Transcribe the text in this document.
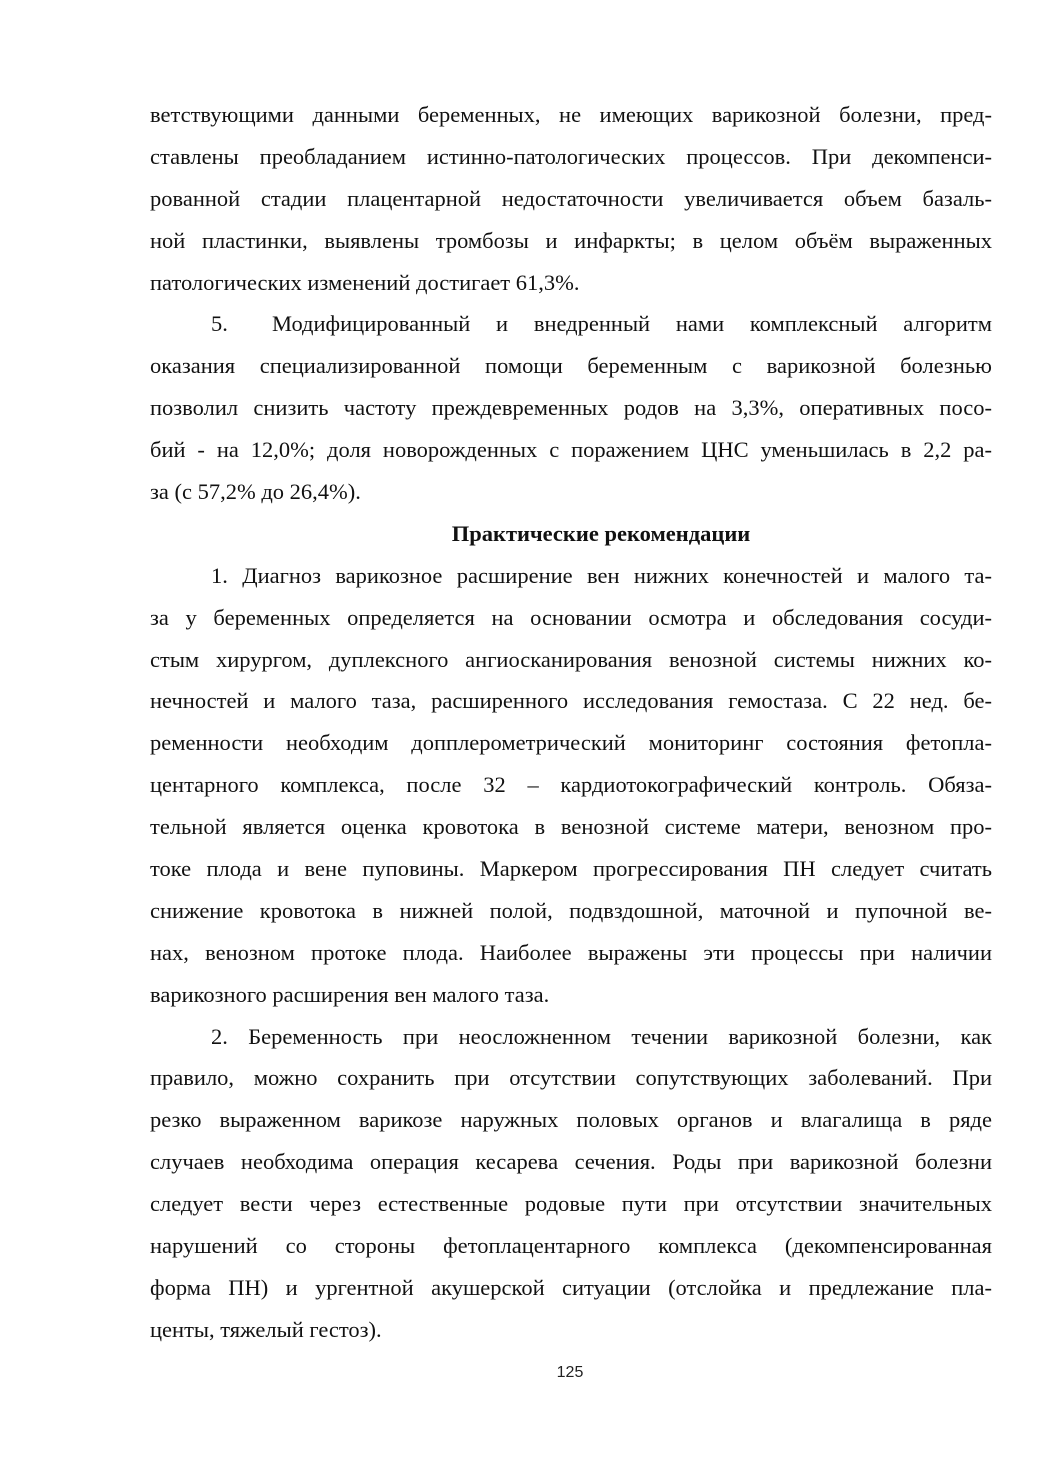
ветствующими данными беременных, не имеющих варикозной болезни, пред-
ставлены преобладанием истинно-патологических процессов. При декомпенси-
рованной стадии плацентарной недостаточности увеличивается объем базаль-
ной пластинки, выявлены тромбозы и инфаркты; в целом объём выраженных
патологических изменений достигает 61,3%.
5. Модифицированный и внедренный нами комплексный алгоритм
оказания специализированной помощи беременным с варикозной болезнью
позволил снизить частоту преждевременных родов на 3,3%, оперативных посо-
бий - на 12,0%; доля новорожденных с поражением ЦНС уменьшилась в 2,2 ра-
за (с 57,2% до 26,4%).
Практические рекомендации
1. Диагноз варикозное расширение вен нижних конечностей и малого та-
за у беременных определяется на основании осмотра и обследования сосуди-
стым хирургом, дуплексного ангиосканирования венозной системы нижних ко-
нечностей и малого таза, расширенного исследования гемостаза. С 22 нед. бе-
ременности необходим допплерометрический мониторинг состояния фетопла-
центарного комплекса, после 32 – кардиотокографический контроль. Обяза-
тельной является оценка кровотока в венозной системе матери, венозном про-
токе плода и вене пуповины. Маркером прогрессирования ПН следует считать
снижение кровотока в нижней полой, подвздошной, маточной и пупочной ве-
нах, венозном протоке плода. Наиболее выражены эти процессы при наличии
варикозного расширения вен малого таза.
2. Беременность при неосложненном течении варикозной болезни, как
правило, можно сохранить при отсутствии сопутствующих заболеваний. При
резко выраженном варикозе наружных половых органов и влагалища в ряде
случаев необходима операция кесарева сечения. Роды при варикозной болезни
следует вести через естественные родовые пути при отсутствии значительных
нарушений со стороны фетоплацентарного комплекса (декомпенсированная
форма ПН) и ургентной акушерской ситуации (отслойка и предлежание пла-
центы, тяжелый гестоз).
125
